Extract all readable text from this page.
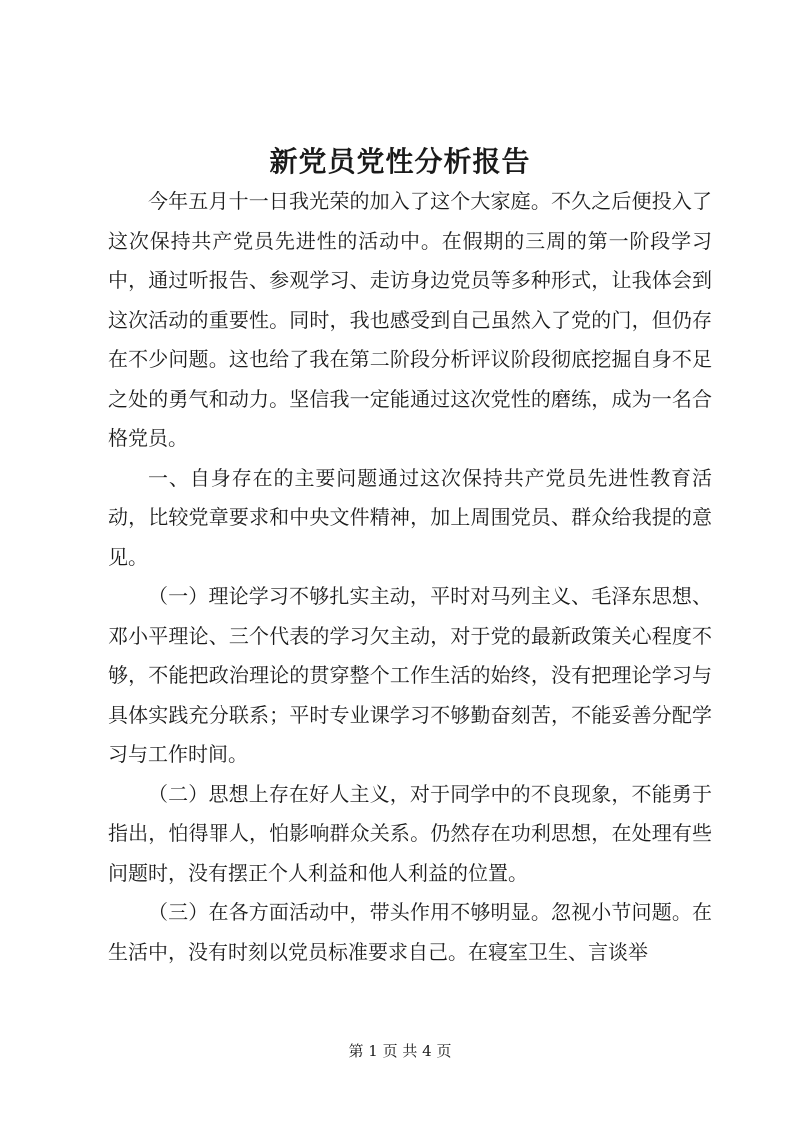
新党员党性分析报告

今年五月十一日我光荣的加入了这个大家庭。不久之后便投入了这次保持共产党员先进性的活动中。在假期的三周的第一阶段学习中，通过听报告、参观学习、走访身边党员等多种形式，让我体会到这次活动的重要性。同时，我也感受到自己虽然入了党的门，但仍存在不少问题。这也给了我在第二阶段分析评议阶段彻底挖掘自身不足之处的勇气和动力。坚信我一定能通过这次党性的磨练，成为一名合格党员。

一、自身存在的主要问题通过这次保持共产党员先进性教育活动，比较党章要求和中央文件精神，加上周围党员、群众给我提的意见。

（一）理论学习不够扎实主动，平时对马列主义、毛泽东思想、邓小平理论、三个代表的学习欠主动，对于党的最新政策关心程度不够，不能把政治理论的贯穿整个工作生活的始终，没有把理论学习与具体实践充分联系；平时专业课学习不够勤奋刻苦，不能妥善分配学习与工作时间。

（二）思想上存在好人主义，对于同学中的不良现象，不能勇于指出，怕得罪人，怕影响群众关系。仍然存在功利思想，在处理有些问题时，没有摆正个人利益和他人利益的位置。

（三）在各方面活动中，带头作用不够明显。忽视小节问题。在生活中，没有时刻以党员标准要求自己。在寝室卫生、言谈举

第 1 页 共 4 页
